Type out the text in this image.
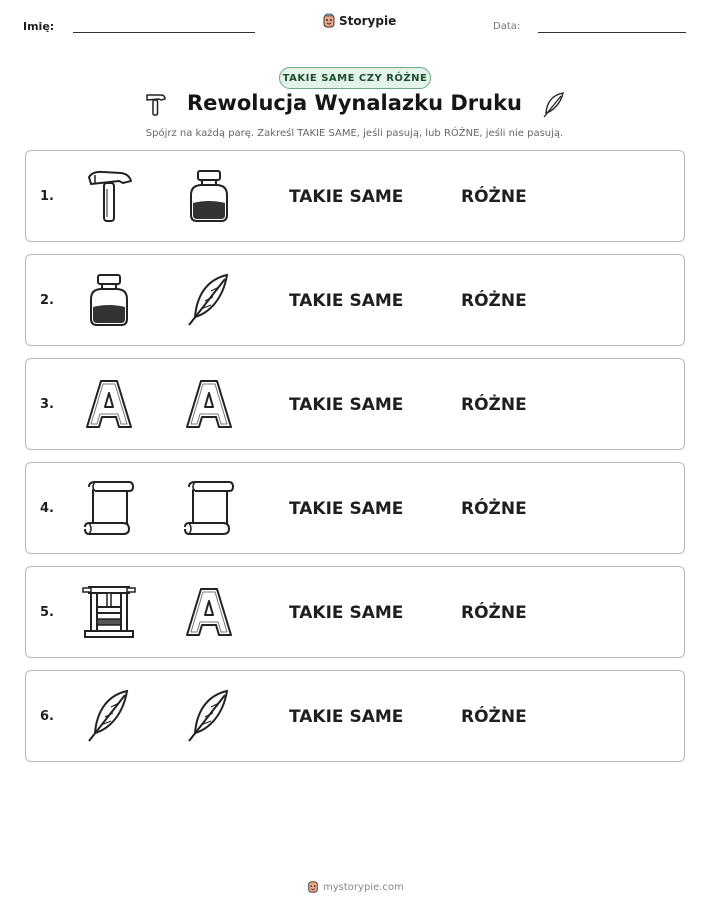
Imię:	Storypie	Data:
TAKIE SAME CZY RÓŻNE
Rewolucja Wynalazku Druku
Spójrz na każdą parę. Zakreśl TAKIE SAME, jeśli pasują, lub RÓŻNE, jeśli nie pasują.
1.	TAKIE SAME	RÓŻNE
2.	TAKIE SAME	RÓŻNE
3.	TAKIE SAME	RÓŻNE
4.	TAKIE SAME	RÓŻNE
5.	TAKIE SAME	RÓŻNE
6.	TAKIE SAME	RÓŻNE
mystorypie.com
